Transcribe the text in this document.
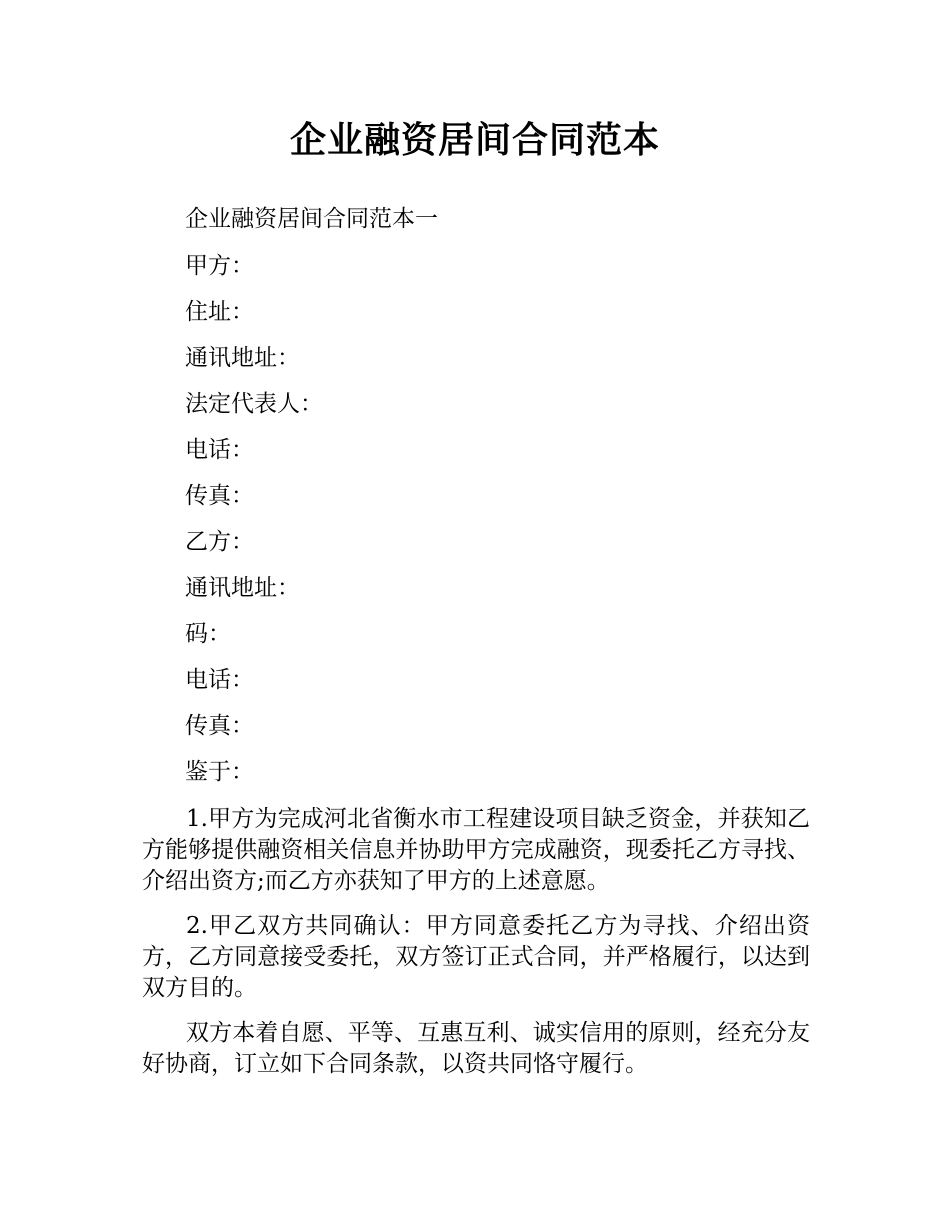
企业融资居间合同范本
企业融资居间合同范本一
甲方：
住址：
通讯地址：
法定代表人：
电话：
传真：
乙方：
通讯地址：
码：
电话：
传真：
鉴于：
1.甲方为完成河北省衡水市工程建设项目缺乏资金，并获知乙方能够提供融资相关信息并协助甲方完成融资，现委托乙方寻找、介绍出资方;而乙方亦获知了甲方的上述意愿。
2.甲乙双方共同确认：甲方同意委托乙方为寻找、介绍出资方，乙方同意接受委托，双方签订正式合同，并严格履行，以达到双方目的。
双方本着自愿、平等、互惠互利、诚实信用的原则，经充分友好协商，订立如下合同条款，以资共同恪守履行。
